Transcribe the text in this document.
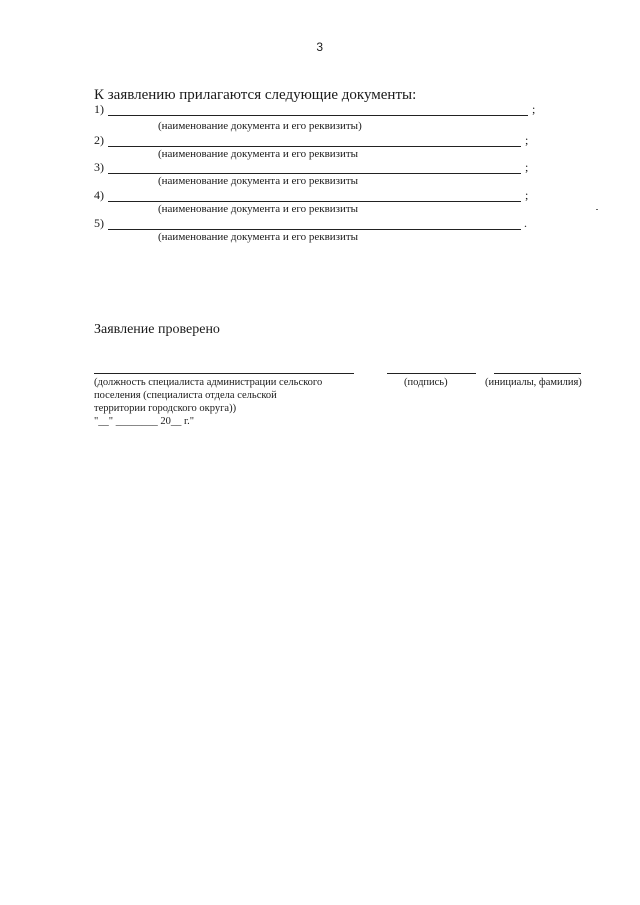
3
К заявлению прилагаются следующие документы:
1)	;
(наименование документа и его реквизиты)
2)	;
(наименование документа и его реквизиты
3)	;
(наименование документа и его реквизиты
4)	;
(наименование документа и его реквизиты
5)	.
(наименование документа и его реквизиты
Заявление проверено
(должность специалиста администрации сельского
поселения (специалиста отдела сельской
территории городского округа))
"__" ________ 20__ г."
(подпись)	(инициалы, фамилия)
